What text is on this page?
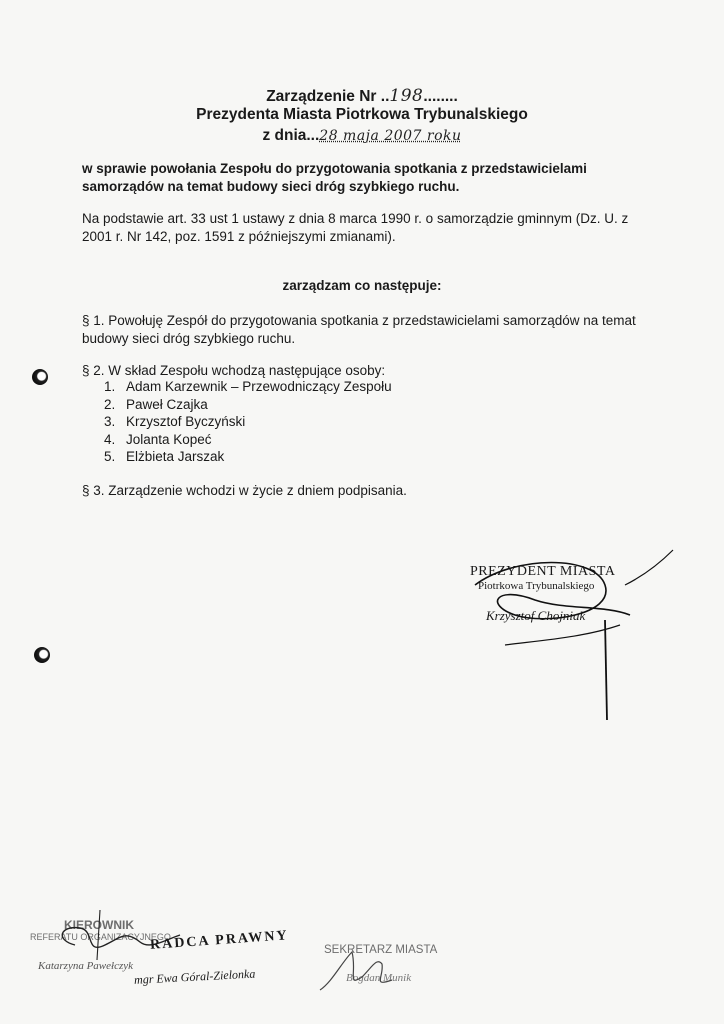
Zarządzenie Nr ..198........
Prezydenta Miasta Piotrkowa Trybunalskiego
z dnia...28 maja 2007 roku
w sprawie powołania Zespołu do przygotowania spotkania z przedstawicielami samorządów na temat budowy sieci dróg szybkiego ruchu.
Na podstawie art. 33 ust 1 ustawy z dnia 8 marca 1990 r. o samorządzie gminnym (Dz. U. z 2001 r. Nr 142, poz. 1591 z późniejszymi zmianami).
zarządzam co następuje:
§ 1. Powołuję Zespół do przygotowania spotkania z przedstawicielami samorządów na temat budowy sieci dróg szybkiego ruchu.
§ 2. W skład Zespołu wchodzą następujące osoby:
1. Adam Karzewnik – Przewodniczący Zespołu
2. Paweł Czajka
3. Krzysztof Byczyński
4. Jolanta Kopeć
5. Elżbieta Jarszak
§ 3. Zarządzenie wchodzi w życie z dniem podpisania.
PREZYDENT MIASTA
Piotrkowa Trybunalskiego
Krzysztof Chojniak
KIEROWNIK
REFERATU ORGANIZACYJNEGO
Katarzyna Pawełczyk
RADCA PRAWNY
mgr Ewa Góral-Zielonka
SEKRETARZ MIASTA
Bogdan Munik
